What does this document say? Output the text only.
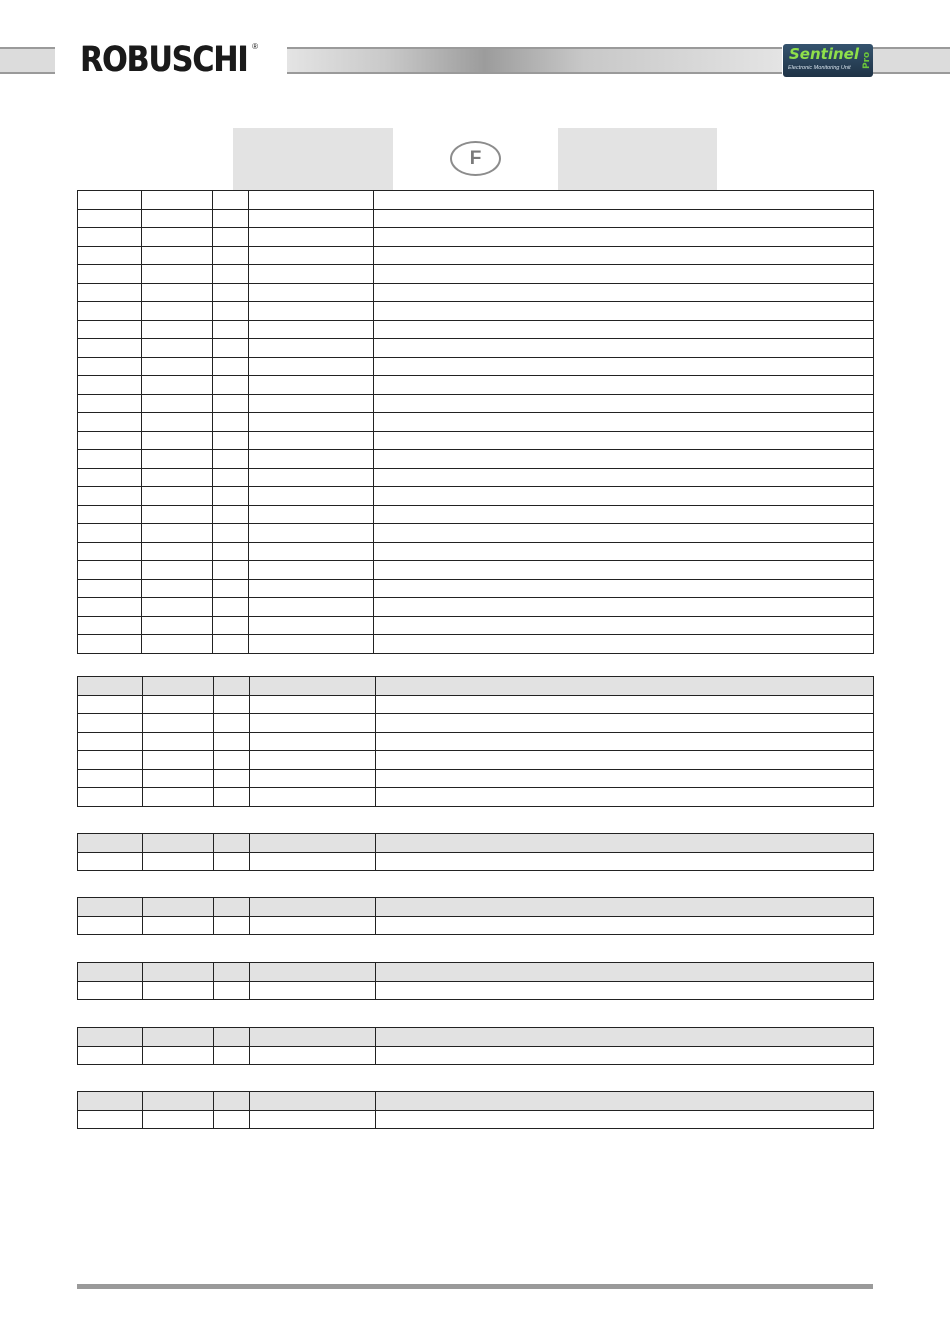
ROBUSCHI ®	Sentinel
Electronic Monitoring Unit Pro
F
